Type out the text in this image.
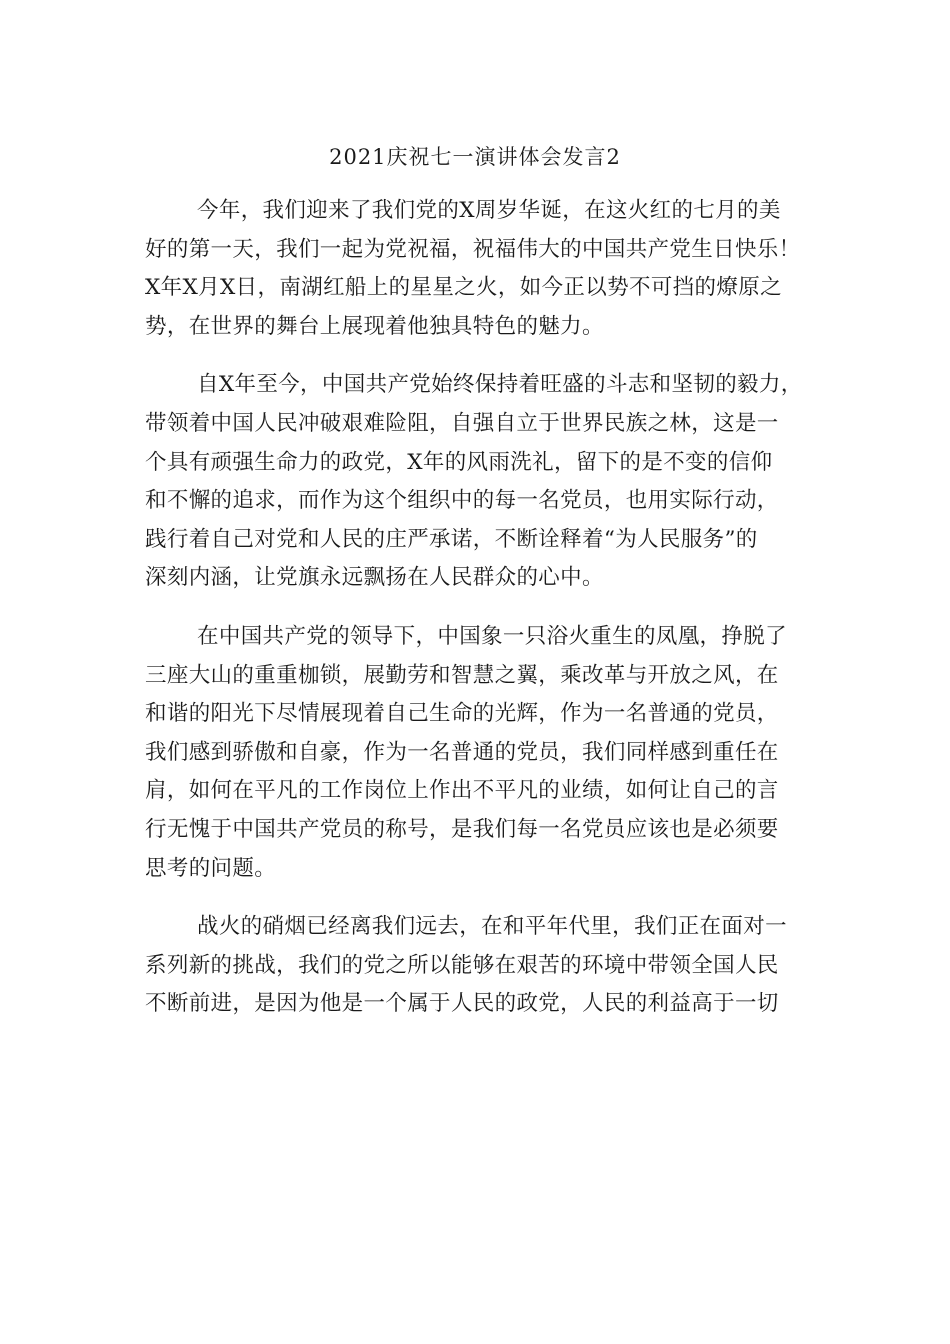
2021庆祝七一演讲体会发言2
今年，我们迎来了我们党的X周岁华诞，在这火红的七月的美
好的第一天，我们一起为党祝福，祝福伟大的中国共产党生日快乐！
X年X月X日，南湖红船上的星星之火，如今正以势不可挡的燎原之
势，在世界的舞台上展现着他独具特色的魅力。
自X年至今，中国共产党始终保持着旺盛的斗志和坚韧的毅力，
带领着中国人民冲破艰难险阻，自强自立于世界民族之林，这是一
个具有顽强生命力的政党，X年的风雨洗礼，留下的是不变的信仰
和不懈的追求，而作为这个组织中的每一名党员，也用实际行动，
践行着自己对党和人民的庄严承诺，不断诠释着“为人民服务”的
深刻内涵，让党旗永远飘扬在人民群众的心中。
在中国共产党的领导下，中国象一只浴火重生的凤凰，挣脱了
三座大山的重重枷锁，展勤劳和智慧之翼，乘改革与开放之风，在
和谐的阳光下尽情展现着自己生命的光辉，作为一名普通的党员，
我们感到骄傲和自豪，作为一名普通的党员，我们同样感到重任在
肩，如何在平凡的工作岗位上作出不平凡的业绩，如何让自己的言
行无愧于中国共产党员的称号，是我们每一名党员应该也是必须要
思考的问题。
战火的硝烟已经离我们远去，在和平年代里，我们正在面对一
系列新的挑战，我们的党之所以能够在艰苦的环境中带领全国人民
不断前进，是因为他是一个属于人民的政党，人民的利益高于一切
